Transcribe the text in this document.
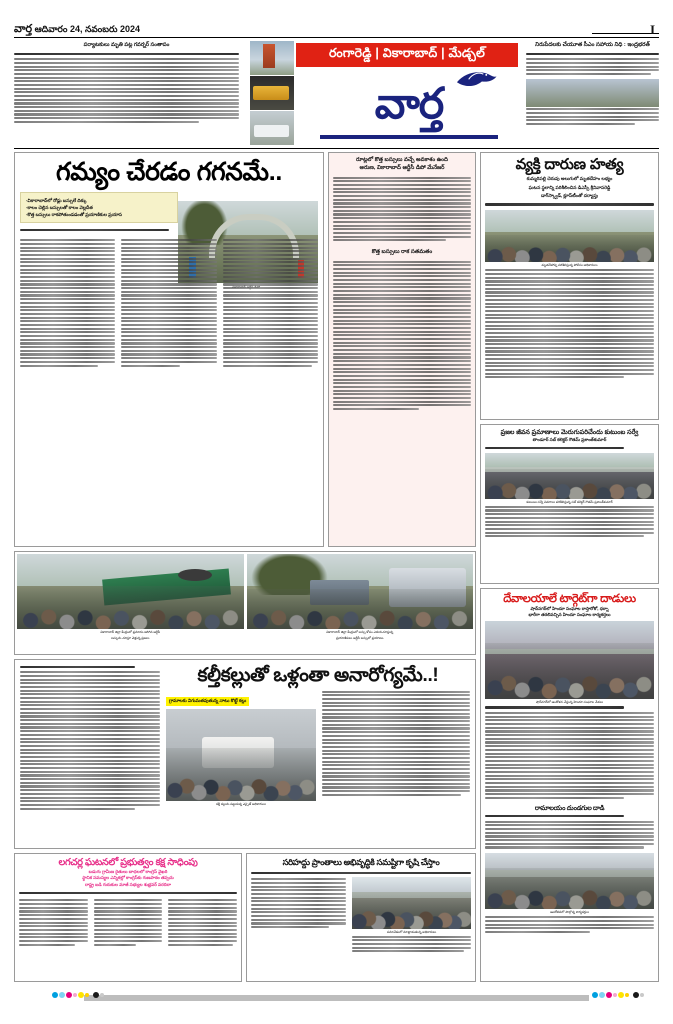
వార్త ఆదివారం 24, నవంబరు 2024	I
పర్యాటకులు మృతి పట్ల గవర్నర్ సంతాపం
రంగారెడ్డి | వికారాబాద్ | మేడ్చల్
వార్త
నిరుపేదలకు చేయూత సీఎం సహాయ నిధి : ఇంద్రభరత్
గమ్యం చేరడం గగనమే..
-వికారాబాద్‌లో రోడ్లు బస్సులే దిక్కు
-కాలం చెల్లిన బస్సులతో కాలం వెల్లదీత
-కొత్త బస్సులు రాకపోతుండడంతో ప్రయాణికుల ప్రయాస
రూట్లలో కొత్త బస్సులు వచ్చే అవకాశం ఉంది
అరుణ, వికారాబాద్ ఆర్టీసీ డిపో మేనేజర్
కొత్త బస్సులు రాక సతమతం
వ్యక్తి దారుణ హత్య
కుమ్మరిపల్లి చెరువు అలుగులో మృతదేహం లభ్యం
ఘటన స్థలాన్ని పరిశీలించిన డిఎస్పీ శ్రీనివాసరెడ్డి
డాగ్‌స్క్వాడ్, క్లూస్‌టీంతో దర్యాప్తు
మృతదేహాన్ని పరిశీలిస్తున్న పోలీసు అధికారులు
ప్రజల జీవన ప్రమాణాలు మెరుగుపరిచేందు కుటుంబ సర్వే
తాండూర్ సబ్ కలెక్టర్ గౌతమ్ ప్రశాంత్‌కుమార్
కుటుంబ సర్వే వివరాలు పరిశీలిస్తున్న సబ్ కలెక్టర్ గౌతమ్ ప్రశాంత్‌కుమార్
దేవాలయాలే టార్గెట్‌గా దాడులు
షాద్‌నగర్‌లో హిందూ సంఘాల రాస్తారోకో, ధర్నా
భారీగా తరలివచ్చిన హిందూ సంఘాల కార్యకర్తలు
షాద్‌నగర్‌లో ఆందోళన చేస్తున్న హిందూ సంఘాల నేతలు
రామాలయం దుండగుల దాడి
ఆందోళనలో పాల్గొన్న కార్యకర్తలు
వికారాబాద్ జిల్లా కేంద్రంలో ప్రమాదం జరిగిన ఆర్టీసీ
బస్సును చూస్తూ వెళ్తున్న ప్రజలు
వికారాబాద్ జిల్లా కేంద్రంలో బస్సు కోసం ఎదురుచూస్తున్న
ప్రయాణికులు ఆర్టీసీ బస్సులో ప్రయాణం
కల్తీకల్లుతో ఒళ్లంతా అనారోగ్యమే..!
గ్రామాలకు విగుమతవుతున్న నాటు కొట్టే కల్లు
కల్తీ కల్లును పట్టుకున్న ఎక్సైజ్ అధికారులు
లగచర్ల ఘటనలో ప్రభుత్వం కక్ష సాధింపు
బడుగు గ్రామీణ రైతులు బాధలలో కాంగ్రెస్ వైఖరి
స్థానిక సమస్యల ఎన్నికల్లో కాంగ్రెస్‌కు గుణపాఠం తప్పదు
రాష్ట్ర బడి గురుకుల మాజీ సభ్యుల శుభ్రవర్ వరదిరా
సరిహద్దు ప్రాంతాలు అభివృద్ధికి సమష్టిగా కృషి చేస్తాం
సమావేశంలో మాట్లాడుతున్న అధికారులు
